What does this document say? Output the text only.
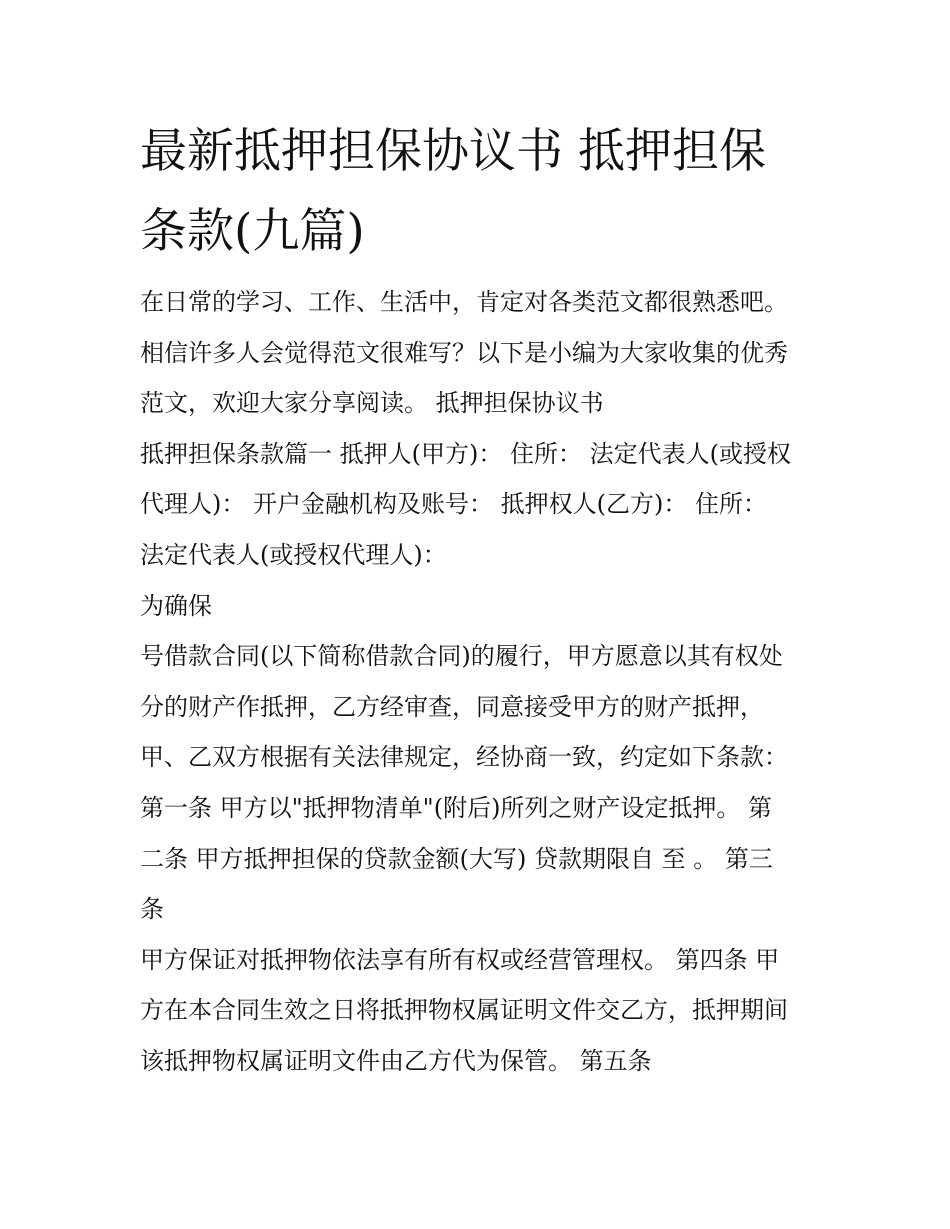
最新抵押担保协议书 抵押担保
条款(九篇)
在日常的学习、工作、生活中，肯定对各类范文都很熟悉吧。
相信许多人会觉得范文很难写？以下是小编为大家收集的优秀
范文，欢迎大家分享阅读。 抵押担保协议书
抵押担保条款篇一 抵押人(甲方)： 住所： 法定代表人(或授权
代理人)： 开户金融机构及账号： 抵押权人(乙方)： 住所：
法定代表人(或授权代理人)：
为确保
号借款合同(以下简称借款合同)的履行，甲方愿意以其有权处
分的财产作抵押，乙方经审查，同意接受甲方的财产抵押，
甲、乙双方根据有关法律规定，经协商一致，约定如下条款：
第一条 甲方以"抵押物清单"(附后)所列之财产设定抵押。 第
二条 甲方抵押担保的贷款金额(大写) 贷款期限自 至 。 第三
条
甲方保证对抵押物依法享有所有权或经营管理权。 第四条 甲
方在本合同生效之日将抵押物权属证明文件交乙方，抵押期间
该抵押物权属证明文件由乙方代为保管。 第五条
